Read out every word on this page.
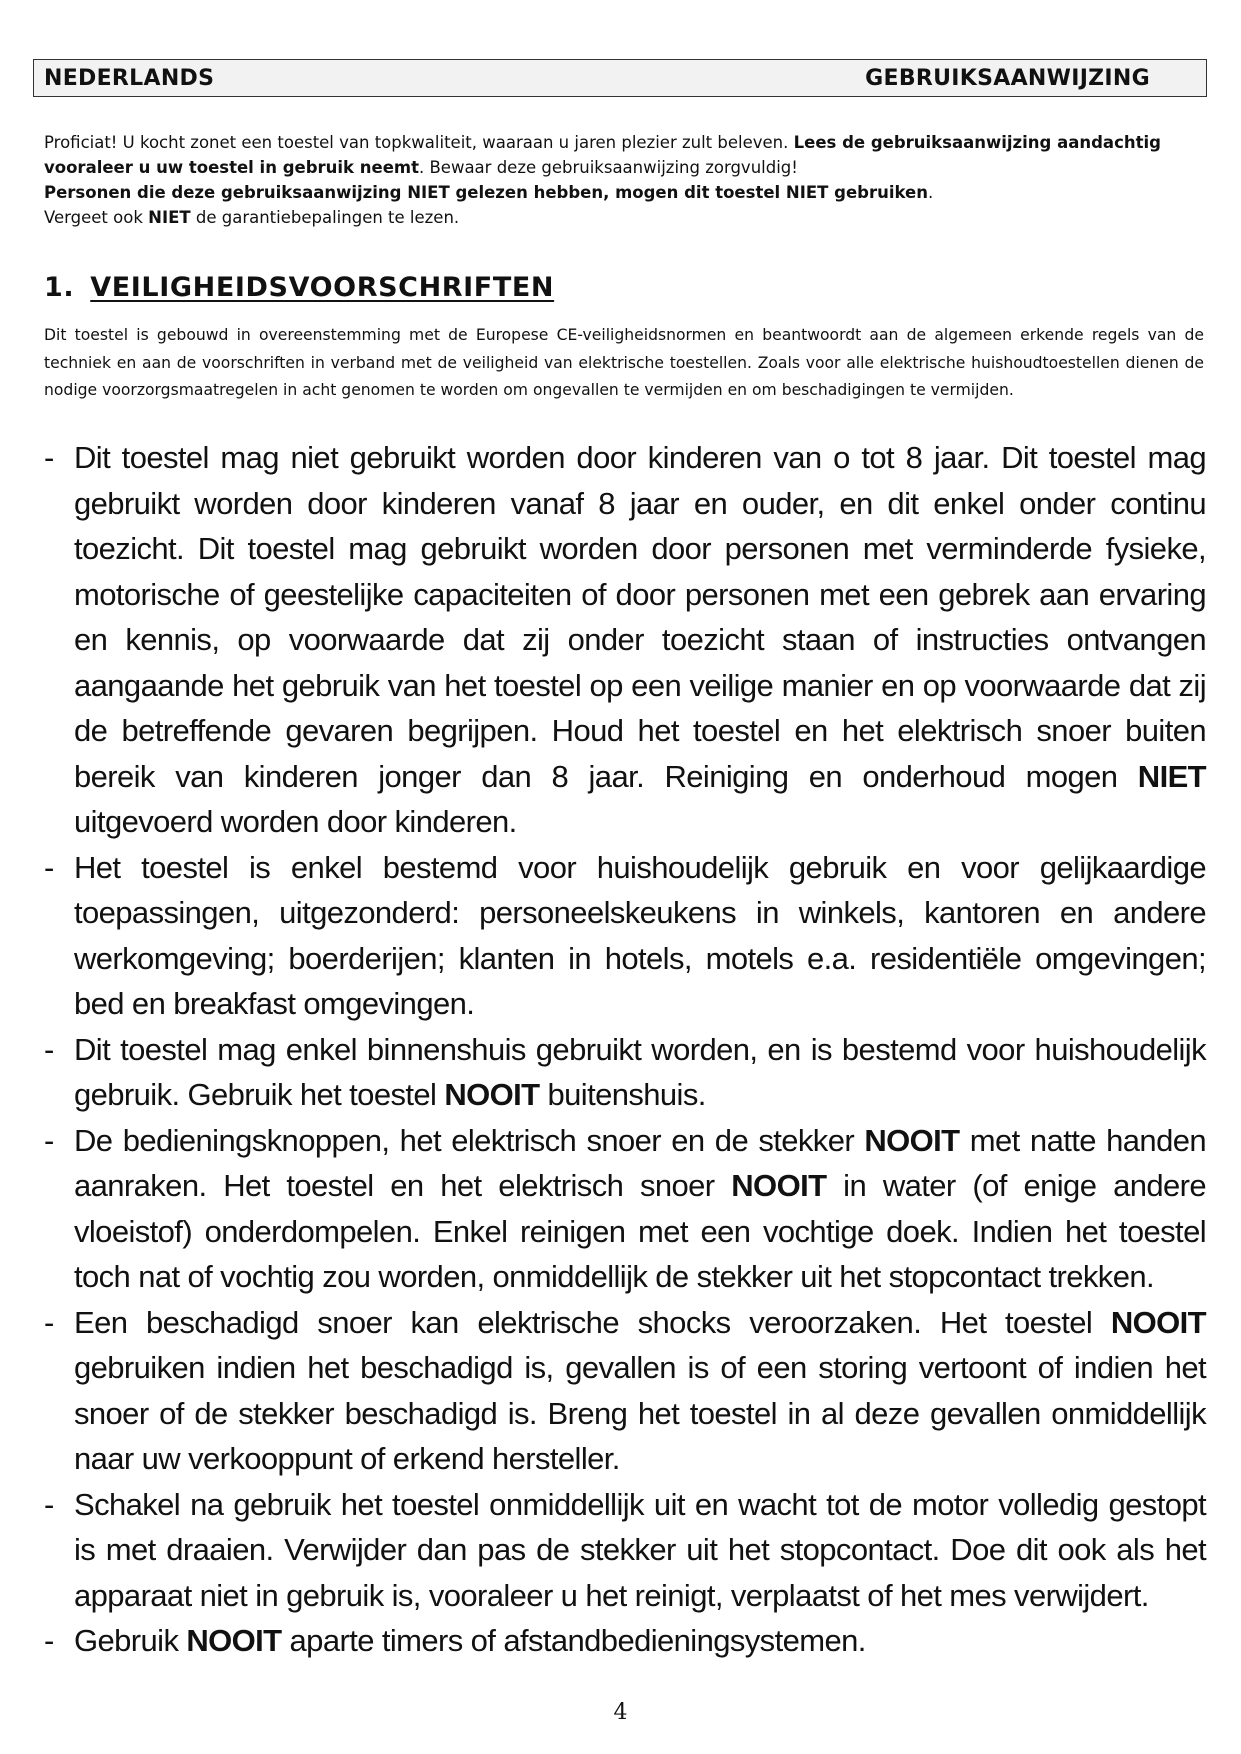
NEDERLANDS	GEBRUIKSAANWIJZING

Proficiat! U kocht zonet een toestel van topkwaliteit, waaraan u jaren plezier zult beleven. Lees de gebruiksaanwijzing aandachtig vooraleer u uw toestel in gebruik neemt. Bewaar deze gebruiksaanwijzing zorgvuldig!

Personen die deze gebruiksaanwijzing NIET gelezen hebben, mogen dit toestel NIET gebruiken.

Vergeet ook NIET de garantiebepalingen te lezen.

1. VEILIGHEIDSVOORSCHRIFTEN
Dit toestel is gebouwd in overeenstemming met de Europese CE-veiligheidsnormen en beantwoordt aan de algemeen erkende regels van de techniek en aan de voorschriften in verband met de veiligheid van elektrische toestellen. Zoals voor alle elektrische huishoudtoestellen dienen de nodige voorzorgsmaatregelen in acht genomen te worden om ongevallen te vermijden en om beschadigingen te vermijden.
- Dit toestel mag niet gebruikt worden door kinderen van o tot 8 jaar. Dit toestel mag gebruikt worden door kinderen vanaf 8 jaar en ouder, en dit enkel onder continu toezicht. Dit toestel mag gebruikt worden door personen met verminderde fysieke, motorische of geestelijke capaciteiten of door personen met een gebrek aan ervaring en kennis, op voorwaarde dat zij onder toezicht staan of instructies ontvangen aangaande het gebruik van het toestel op een veilige manier en op voorwaarde dat zij de betreffende gevaren begrijpen. Houd het toestel en het elektrisch snoer buiten bereik van kinderen jonger dan 8 jaar. Reiniging en onderhoud mogen NIET uitgevoerd worden door kinderen.
- Het toestel is enkel bestemd voor huishoudelijk gebruik en voor gelijkaardige toepassingen, uitgezonderd: personeelskeukens in winkels, kantoren en andere werkomgeving; boerderijen; klanten in hotels, motels e.a. residentiële omgevingen; bed en breakfast omgevingen.
- Dit toestel mag enkel binnenshuis gebruikt worden, en is bestemd voor huishoudelijk gebruik. Gebruik het toestel NOOIT buitenshuis.
- De bedieningsknoppen, het elektrisch snoer en de stekker NOOIT met natte handen aanraken. Het toestel en het elektrisch snoer NOOIT in water (of enige andere vloeistof) onderdompelen. Enkel reinigen met een vochtige doek. Indien het toestel toch nat of vochtig zou worden, onmiddellijk de stekker uit het stopcontact trekken.
- Een beschadigd snoer kan elektrische shocks veroorzaken. Het toestel NOOIT gebruiken indien het beschadigd is, gevallen is of een storing vertoont of indien het snoer of de stekker beschadigd is. Breng het toestel in al deze gevallen onmiddellijk naar uw verkooppunt of erkend hersteller.
- Schakel na gebruik het toestel onmiddellijk uit en wacht tot de motor volledig gestopt is met draaien. Verwijder dan pas de stekker uit het stopcontact. Doe dit ook als het apparaat niet in gebruik is, vooraleer u het reinigt, verplaatst of het mes verwijdert.
- Gebruik NOOIT aparte timers of afstandbedieningsystemen.
4
